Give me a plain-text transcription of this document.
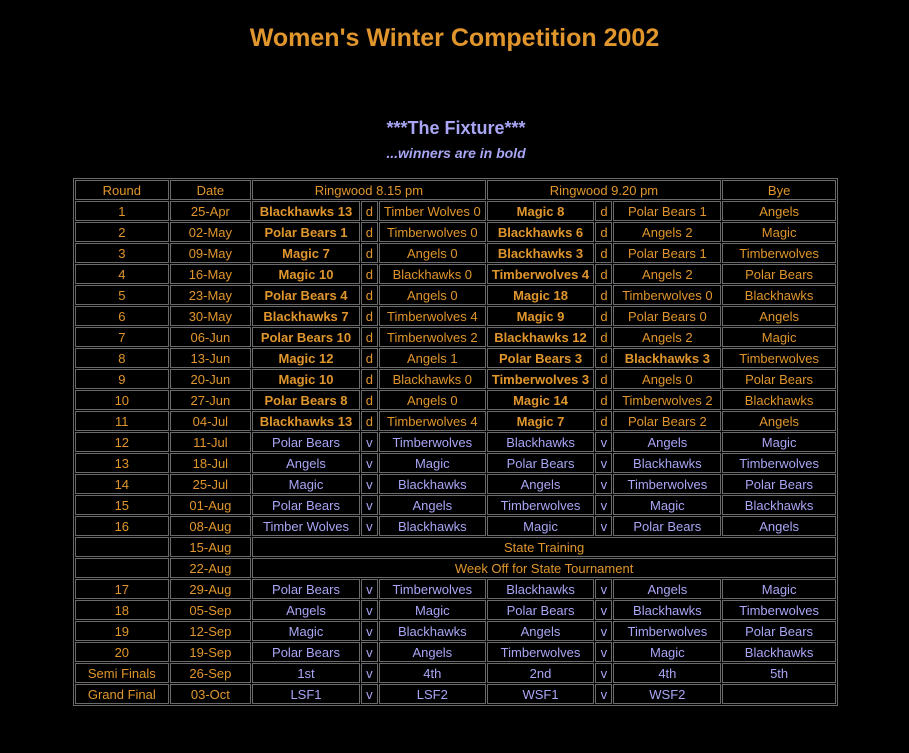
Women's Winter Competition 2002
***The Fixture***
...winners are in bold
Round	Date	Ringwood 8.15 pm			Ringwood 9.20 pm			Bye
1	25-Apr	Blackhawks 13	d	Timber Wolves 0	Magic 8	d	Polar Bears 1	Angels
2	02-May	Polar Bears 1	d	Timberwolves 0	Blackhawks 6	d	Angels 2	Magic
3	09-May	Magic 7	d	Angels 0	Blackhawks 3	d	Polar Bears 1	Timberwolves
4	16-May	Magic 10	d	Blackhawks 0	Timberwolves 4	d	Angels 2	Polar Bears
5	23-May	Polar Bears 4	d	Angels 0	Magic 18	d	Timberwolves 0	Blackhawks
6	30-May	Blackhawks 7	d	Timberwolves 4	Magic 9	d	Polar Bears 0	Angels
7	06-Jun	Polar Bears 10	d	Timberwolves 2	Blackhawks 12	d	Angels 2	Magic
8	13-Jun	Magic 12	d	Angels 1	Polar Bears 3	d	Blackhawks 3	Timberwolves
9	20-Jun	Magic 10	d	Blackhawks 0	Timberwolves 3	d	Angels 0	Polar Bears
10	27-Jun	Polar Bears 8	d	Angels 0	Magic 14	d	Timberwolves 2	Blackhawks
11	04-Jul	Blackhawks 13	d	Timberwolves 4	Magic 7	d	Polar Bears 2	Angels
12	11-Jul	Polar Bears	v	Timberwolves	Blackhawks	v	Angels	Magic
13	18-Jul	Angels	v	Magic	Polar Bears	v	Blackhawks	Timberwolves
14	25-Jul	Magic	v	Blackhawks	Angels	v	Timberwolves	Polar Bears
15	01-Aug	Polar Bears	v	Angels	Timberwolves	v	Magic	Blackhawks
16	08-Aug	Timber Wolves	v	Blackhawks	Magic	v	Polar Bears	Angels
	15-Aug	State Training						
	22-Aug	Week Off for State Tournament						
17	29-Aug	Polar Bears	v	Timberwolves	Blackhawks	v	Angels	Magic
18	05-Sep	Angels	v	Magic	Polar Bears	v	Blackhawks	Timberwolves
19	12-Sep	Magic	v	Blackhawks	Angels	v	Timberwolves	Polar Bears
20	19-Sep	Polar Bears	v	Angels	Timberwolves	v	Magic	Blackhawks
Semi Finals	26-Sep	1st	v	4th	2nd	v	4th	5th
Grand Final	03-Oct	LSF1	v	LSF2	WSF1	v	WSF2	
